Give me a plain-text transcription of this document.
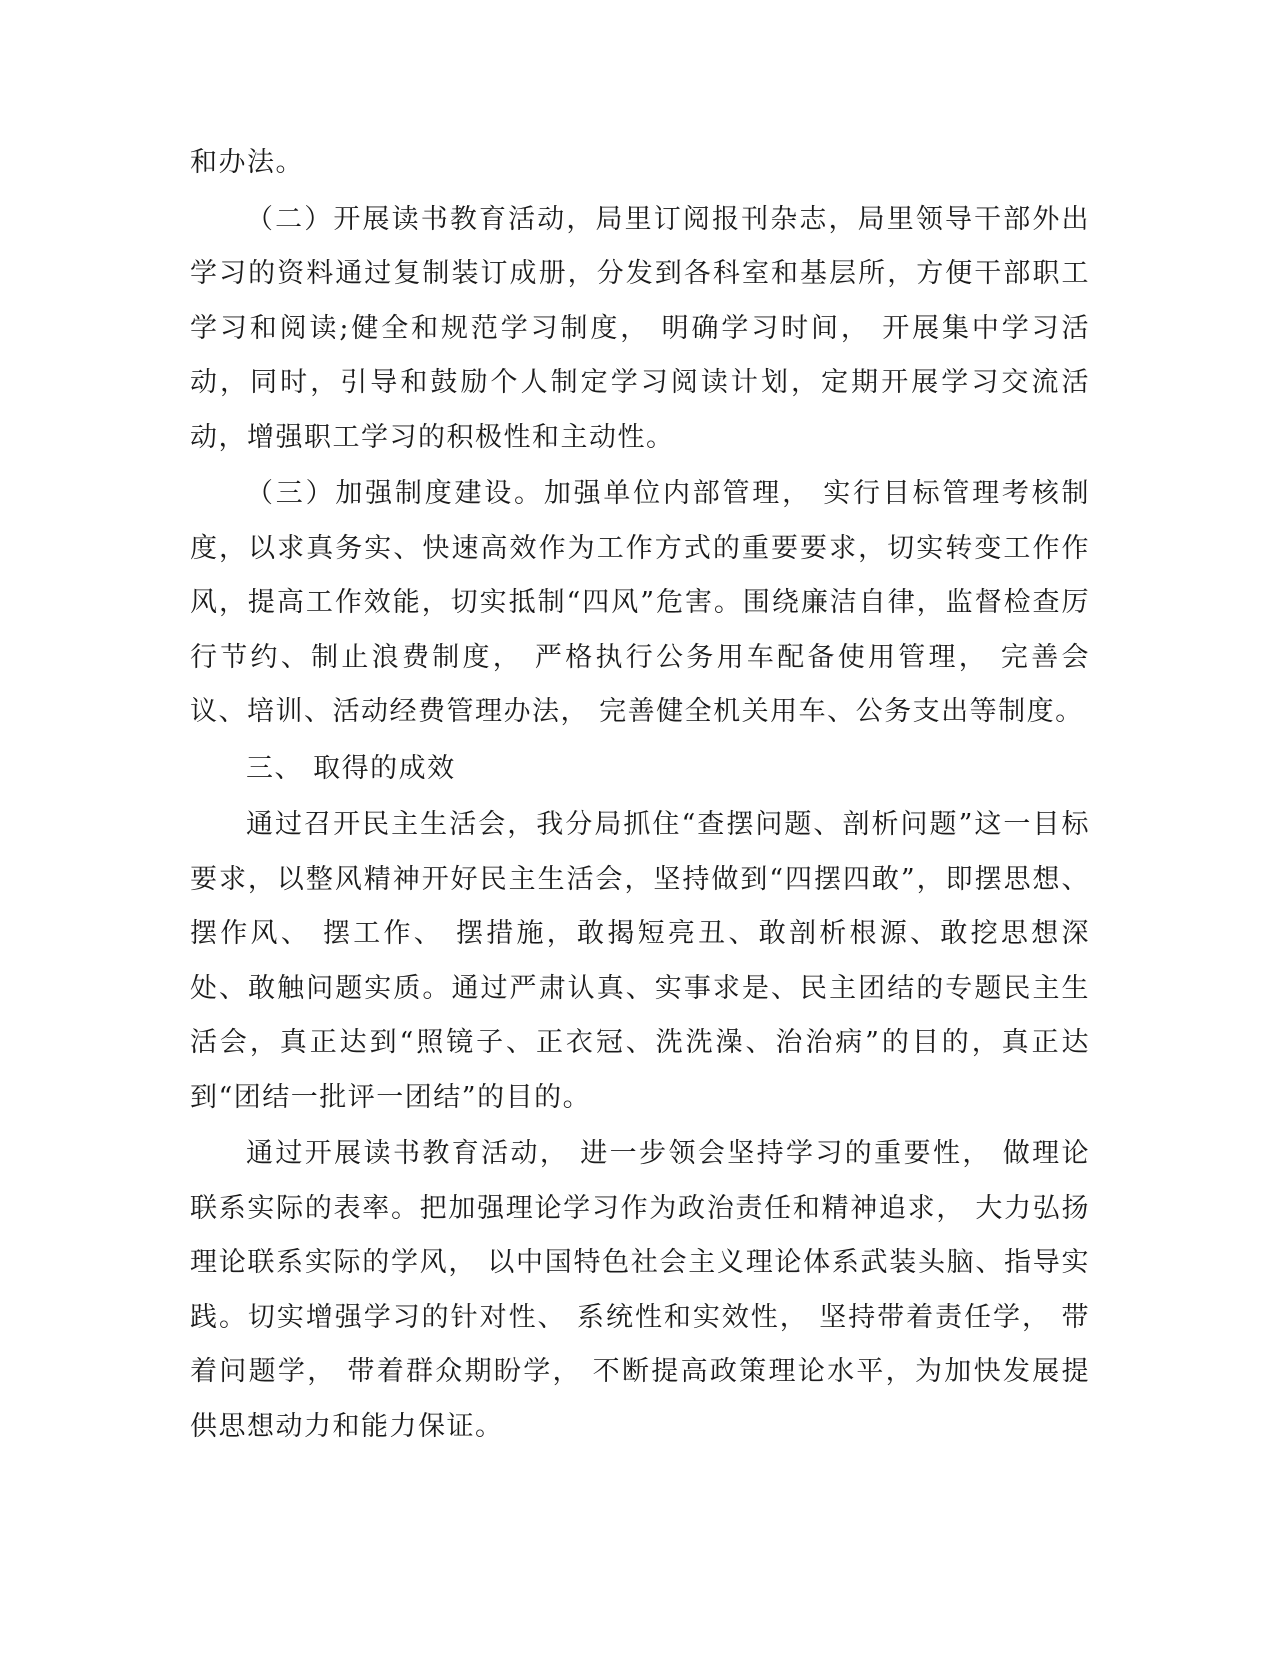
和办法。

（二）开展读书教育活动，局里订阅报刊杂志，局里领导干部外出学习的资料通过复制装订成册，分发到各科室和基层所，方便干部职工学习和阅读;健全和规范学习制度， 明确学习时间， 开展集中学习活动，同时，引导和鼓励个人制定学习阅读计划，定期开展学习交流活动，增强职工学习的积极性和主动性。

（三）加强制度建设。加强单位内部管理， 实行目标管理考核制度，以求真务实、快速高效作为工作方式的重要要求，切实转变工作作风，提高工作效能，切实抵制“四风”危害。围绕廉洁自律，监督检查厉行节约、制止浪费制度， 严格执行公务用车配备使用管理， 完善会议、培训、活动经费管理办法， 完善健全机关用车、公务支出等制度。

三、 取得的成效

通过召开民主生活会，我分局抓住“查摆问题、剖析问题”这一目标要求，以整风精神开好民主生活会，坚持做到“四摆四敢”，即摆思想、摆作风、 摆工作、 摆措施，敢揭短亮丑、敢剖析根源、敢挖思想深处、敢触问题实质。通过严肃认真、实事求是、民主团结的专题民主生活会，真正达到“照镜子、正衣冠、洗洗澡、治治病”的目的，真正达到“团结一批评一团结”的目的。

通过开展读书教育活动， 进一步领会坚持学习的重要性， 做理论联系实际的表率。把加强理论学习作为政治责任和精神追求， 大力弘扬理论联系实际的学风， 以中国特色社会主义理论体系武装头脑、指导实践。切实增强学习的针对性、 系统性和实效性， 坚持带着责任学， 带着问题学， 带着群众期盼学， 不断提高政策理论水平，为加快发展提供思想动力和能力保证。
